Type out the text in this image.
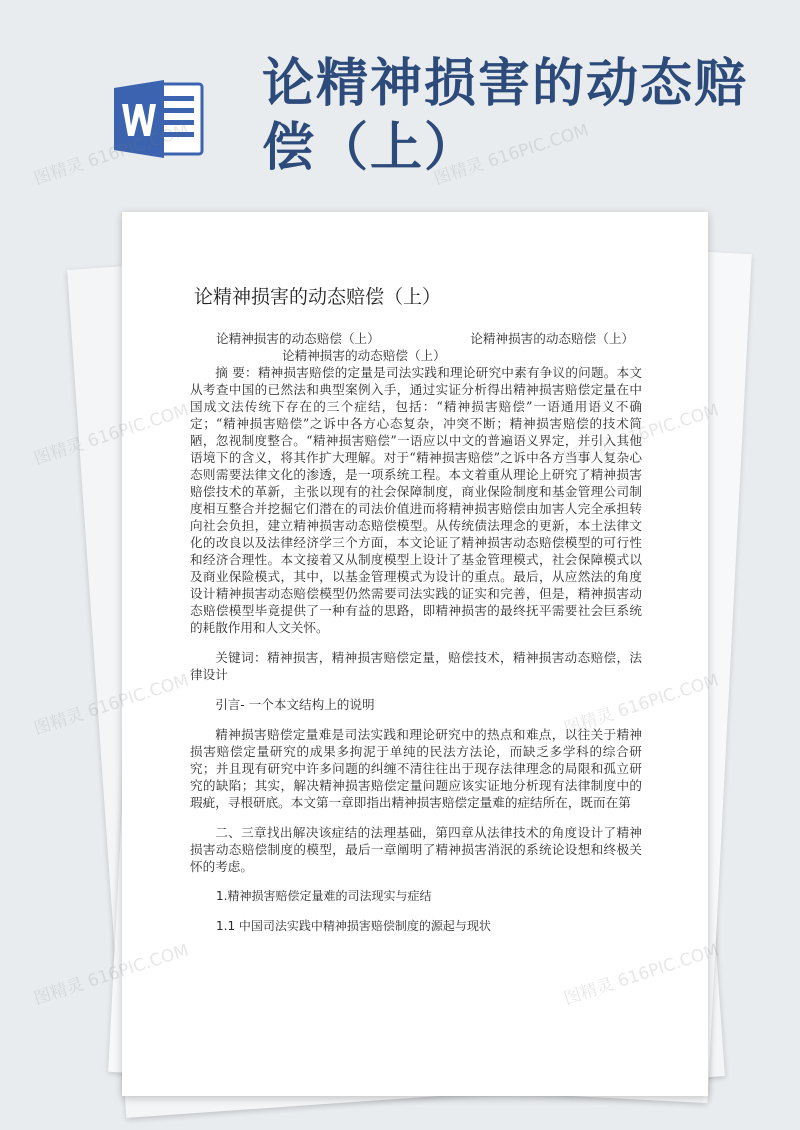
论精神损害的动态赔偿（上）
论精神损害的动态赔偿（上）
论精神损害的动态赔偿（上）	论精神损害的动态赔偿（上）

论精神损害的动态赔偿（上）

摘 要：精神损害赔偿的定量是司法实践和理论研究中素有争议的问题。本文从考查中国的已然法和典型案例入手，通过实证分析得出精神损害赔偿定量在中国成文法传统下存在的三个症结，包括：“精神损害赔偿”一语通用语义不确定；“精神损害赔偿”之诉中各方心态复杂，冲突不断；精神损害赔偿的技术简陋，忽视制度整合。“精神损害赔偿”一语应以中文的普遍语义界定，并引入其他语境下的含义，将其作扩大理解。对于“精神损害赔偿”之诉中各方当事人复杂心态则需要法律文化的渗透，是一项系统工程。本文着重从理论上研究了精神损害赔偿技术的革新，主张以现有的社会保障制度，商业保险制度和基金管理公司制度相互整合并挖掘它们潜在的司法价值进而将精神损害赔偿由加害人完全承担转向社会负担，建立精神损害动态赔偿模型。从传统债法理念的更新，本土法律文化的改良以及法律经济学三个方面，本文论证了精神损害动态赔偿模型的可行性和经济合理性。本文接着又从制度模型上设计了基金管理模式，社会保障模式以及商业保险模式，其中，以基金管理模式为设计的重点。最后，从应然法的角度设计精神损害动态赔偿模型仍然需要司法实践的证实和完善，但是，精神损害动态赔偿模型毕竟提供了一种有益的思路，即精神损害的最终抚平需要社会巨系统的耗散作用和人文关怀。

关键词：精神损害，精神损害赔偿定量，赔偿技术，精神损害动态赔偿，法律设计

引言- 一个本文结构上的说明

精神损害赔偿定量难是司法实践和理论研究中的热点和难点，以往关于精神损害赔偿定量研究的成果多拘泥于单纯的民法方法论，而缺乏多学科的综合研究；并且现有研究中许多问题的纠缠不清往往出于现存法律理念的局限和孤立研究的缺陷；其实，解决精神损害赔偿定量问题应该实证地分析现有法律制度中的瑕疵，寻根研底。本文第一章即指出精神损害赔偿定量难的症结所在，既而在第

二、三章找出解决该症结的法理基础，第四章从法律技术的角度设计了精神损害动态赔偿制度的模型，最后一章阐明了精神损害消泯的系统论设想和终极关怀的考虑。

1.精神损害赔偿定量难的司法现实与症结

1.1 中国司法实践中精神损害赔偿制度的源起与现状

图精灵 616PIC.COM	图精灵 616PIC.COM
图精灵
图精灵
图精灵 616PIC.COM
